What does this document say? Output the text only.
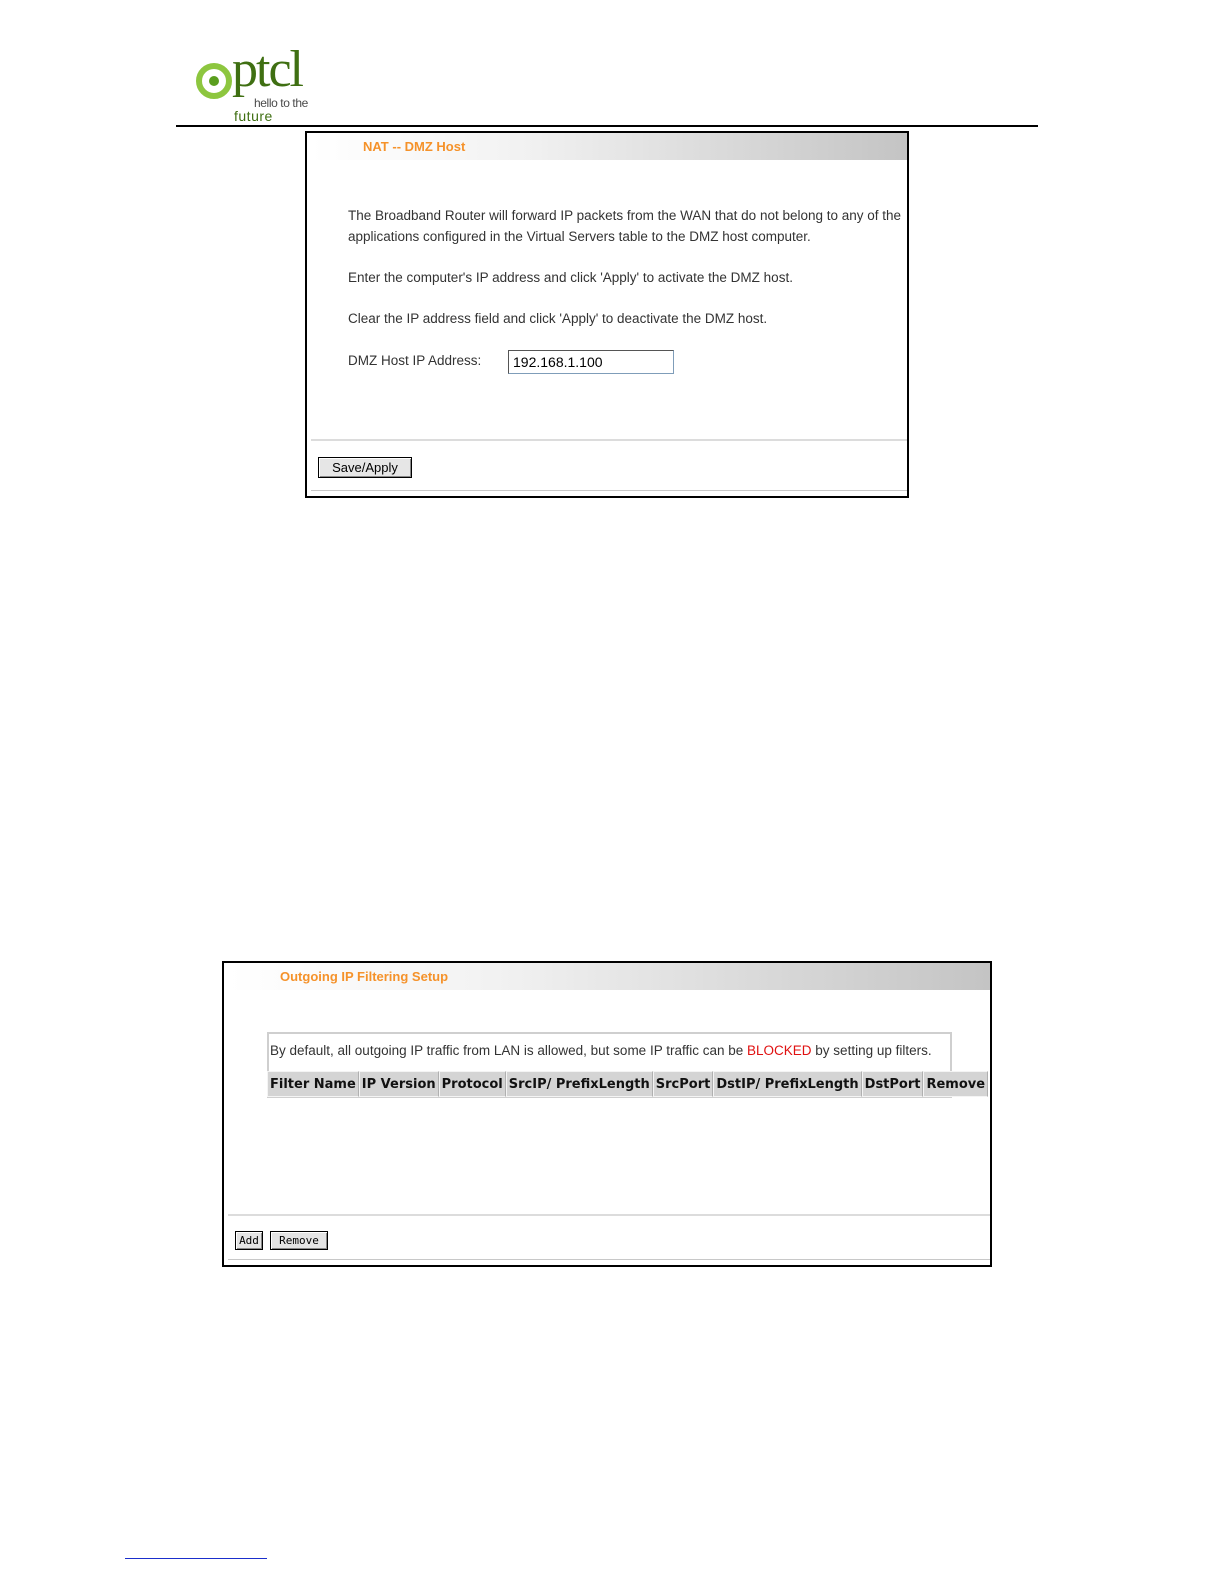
ptcl
hello to the
future
NAT -- DMZ Host
The Broadband Router will forward IP packets from the WAN that do not belong to any of the applications configured in the Virtual Servers table to the DMZ host computer.
Enter the computer's IP address and click 'Apply' to activate the DMZ host.
Clear the IP address field and click 'Apply' to deactivate the DMZ host.
DMZ Host IP Address:
192.168.1.100
Save/Apply
Outgoing IP Filtering Setup
By default, all outgoing IP traffic from LAN is allowed, but some IP traffic can be BLOCKED by setting up filters.
Filter Name	IP Version	Protocol	SrcIP/ PrefixLength	SrcPort	DstIP/ PrefixLength	DstPort	Remove
Add	Remove
